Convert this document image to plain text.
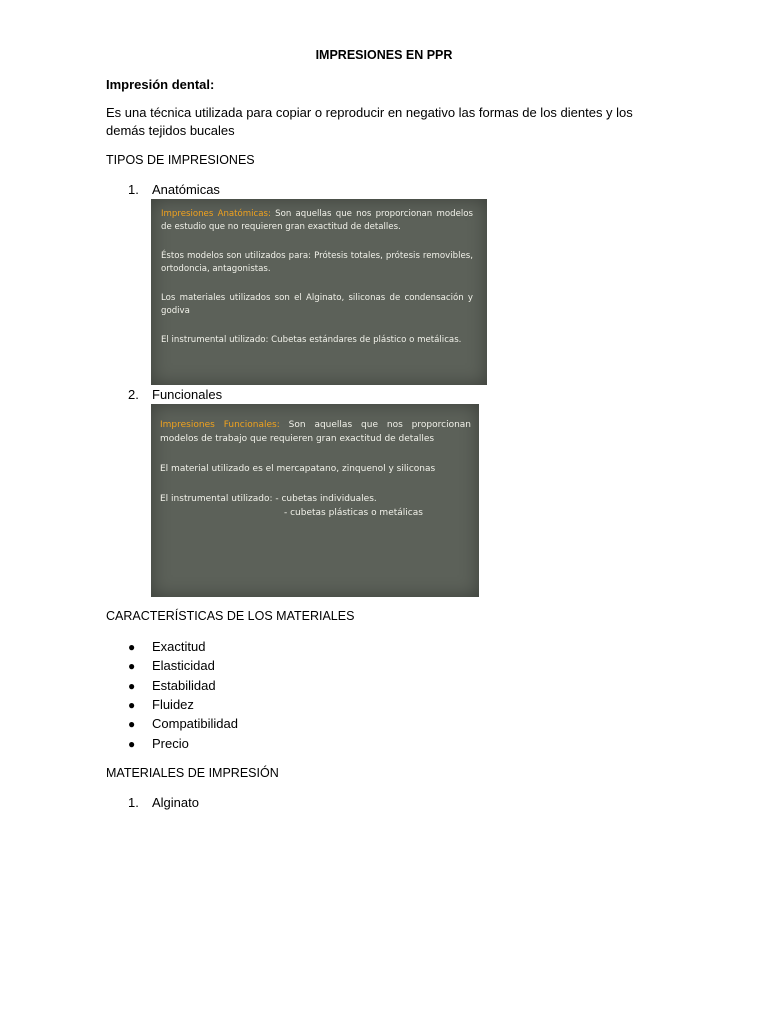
IMPRESIONES EN PPR
Impresión dental:
Es una técnica utilizada para copiar o reproducir en negativo las formas de los dientes y los demás tejidos bucales
TIPOS DE IMPRESIONES
1. Anatómicas

Impresiones Anatómicas: Son aquellas que nos proporcionan modelos de estudio que no requieren gran exactitud de detalles.

Éstos modelos son utilizados para: Prótesis totales, prótesis removibles, ortodoncia, antagonistas.

Los materiales utilizados son el Alginato, siliconas de condensación y godiva

El instrumental utilizado: Cubetas estándares de plástico o metálicas.

2. Funcionales

Impresiones Funcionales: Son aquellas que nos proporcionan modelos de trabajo que requieren gran exactitud de detalles

El material utilizado es el mercapatano, zinquenol y siliconas

El instrumental utilizado: - cubetas individuales.

- cubetas plásticas o metálicas

CARACTERÍSTICAS DE LOS MATERIALES
● Exactitud
● Elasticidad
● Estabilidad
● Fluidez
● Compatibilidad
● Precio
MATERIALES DE IMPRESIÓN
1. Alginato
